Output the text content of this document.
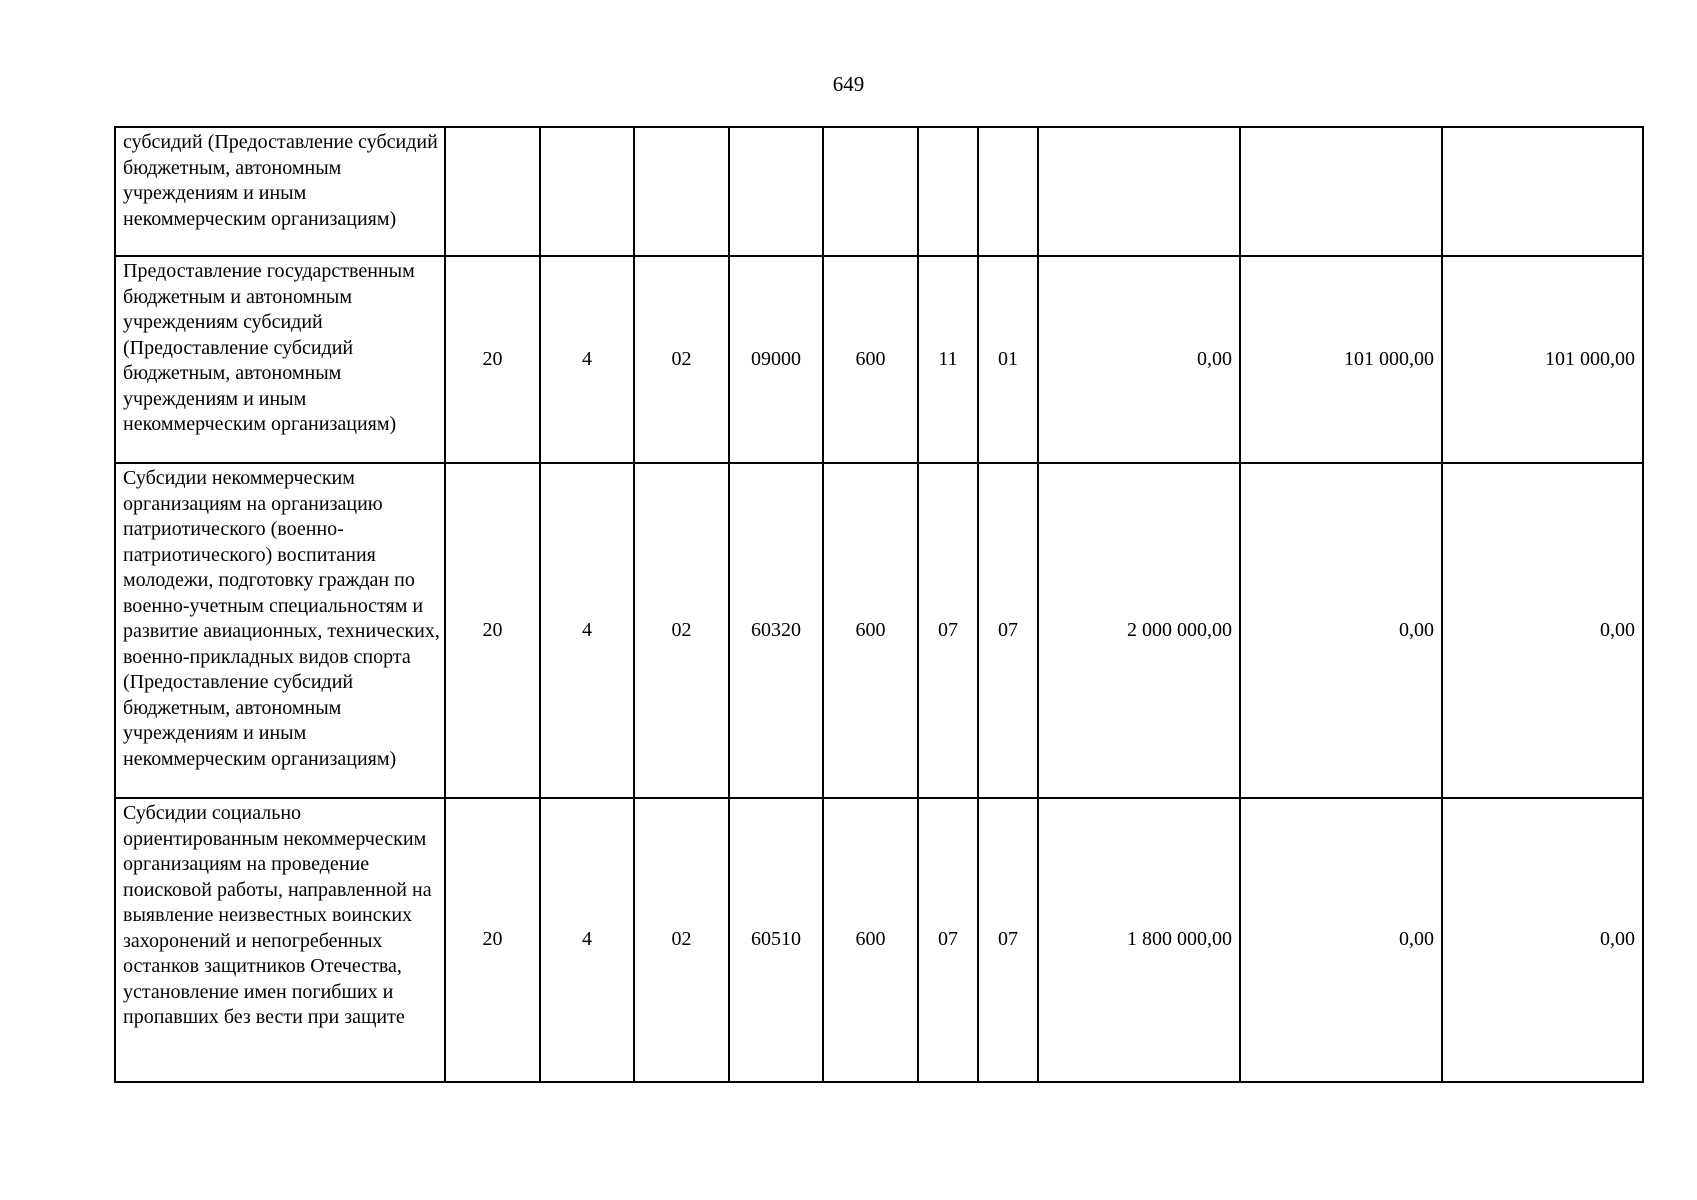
649
субсидий (Предоставление субсидий бюджетным, автономным учреждениям и иным некоммерческим организациям)										
Предоставление государственным бюджетным и автономным учреждениям субсидий (Предоставление субсидий бюджетным, автономным учреждениям и иным некоммерческим организациям)	20	4	02	09000	600	11	01	0,00	101 000,00	101 000,00
Субсидии некоммерческим организациям на организацию патриотического (военно-патриотического) воспитания молодежи, подготовку граждан по военно-учетным специальностям и развитие авиационных, технических, военно-прикладных видов спорта (Предоставление субсидий бюджетным, автономным учреждениям и иным некоммерческим организациям)	20	4	02	60320	600	07	07	2 000 000,00	0,00	0,00
Субсидии социально ориентированным некоммерческим организациям на проведение поисковой работы, направленной на выявление неизвестных воинских захоронений и непогребенных останков защитников Отечества, установление имен погибших и пропавших без вести при защите	20	4	02	60510	600	07	07	1 800 000,00	0,00	0,00
